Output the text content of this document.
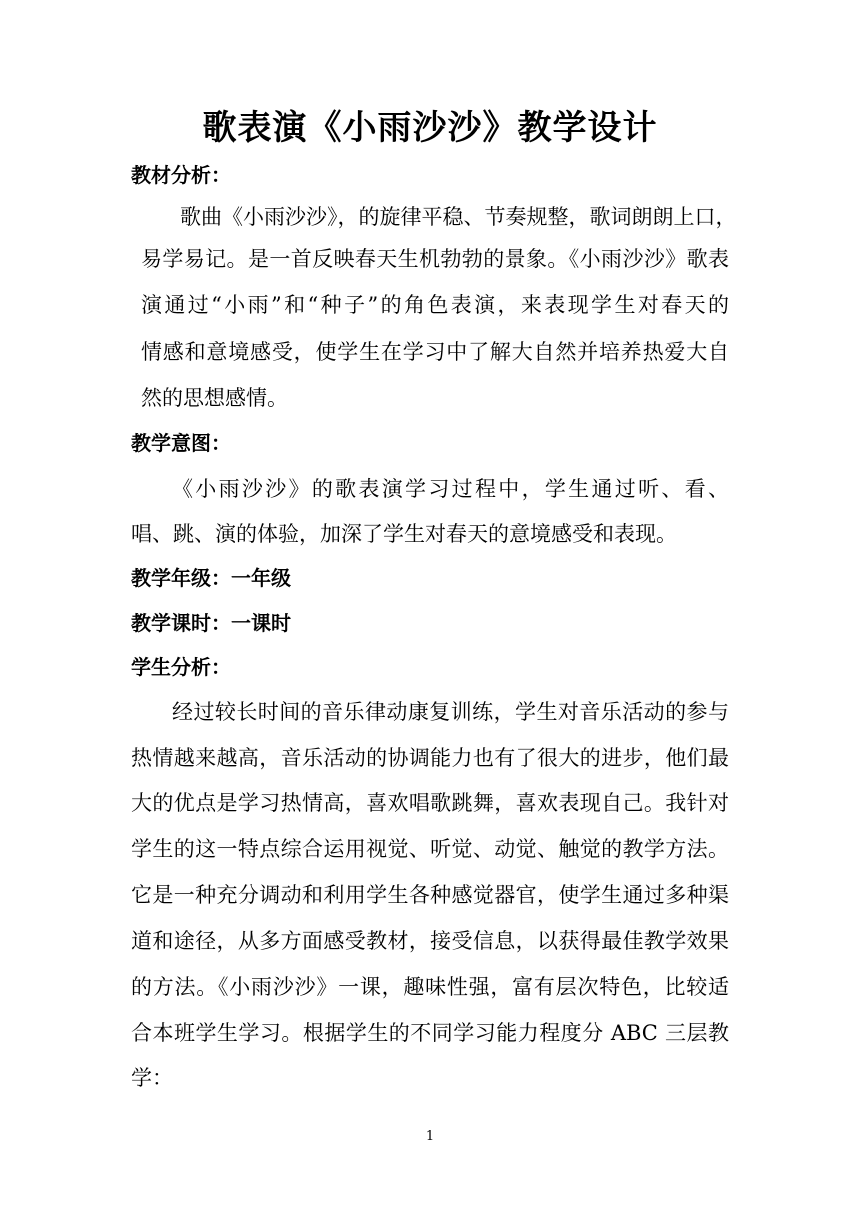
歌表演《小雨沙沙》教学设计
教材分析：
歌曲《小雨沙沙》，的旋律平稳、节奏规整，歌词朗朗上口，
易学易记。是一首反映春天生机勃勃的景象。《小雨沙沙》歌表
演通过“小雨”和“种子”的角色表演，来表现学生对春天的
情感和意境感受，使学生在学习中了解大自然并培养热爱大自
然的思想感情。
教学意图：
《小雨沙沙》的歌表演学习过程中，学生通过听、看、
唱、跳、演的体验，加深了学生对春天的意境感受和表现。
教学年级：一年级
教学课时：一课时
学生分析：
经过较长时间的音乐律动康复训练，学生对音乐活动的参与
热情越来越高，音乐活动的协调能力也有了很大的进步，他们最
大的优点是学习热情高，喜欢唱歌跳舞，喜欢表现自己。我针对
学生的这一特点综合运用视觉、听觉、动觉、触觉的教学方法。
它是一种充分调动和利用学生各种感觉器官，使学生通过多种渠
道和途径，从多方面感受教材，接受信息，以获得最佳教学效果
的方法。《小雨沙沙》一课，趣味性强，富有层次特色，比较适
合本班学生学习。根据学生的不同学习能力程度分 ABC 三层教
学：
1
